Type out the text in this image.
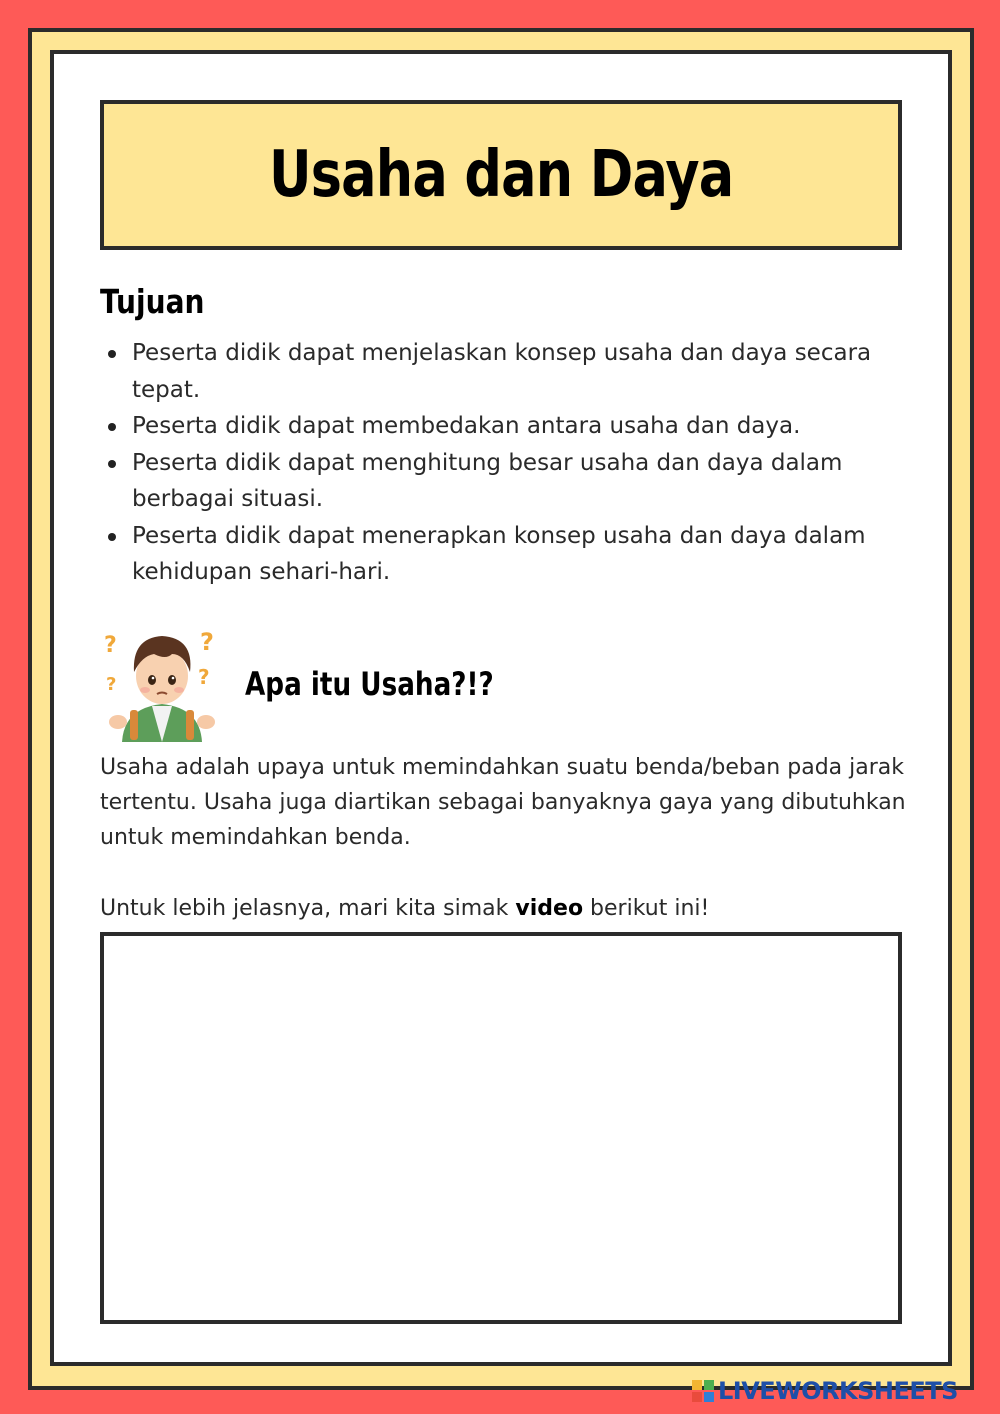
Usaha dan Daya
Tujuan
Peserta didik dapat menjelaskan konsep usaha dan daya secara tepat.
Peserta didik dapat membedakan antara usaha dan daya.
Peserta didik dapat menghitung besar usaha dan daya dalam berbagai situasi.
Peserta didik dapat menerapkan konsep usaha dan daya dalam kehidupan sehari-hari.
?	?
?	? Apa itu Usaha?!?

Usaha adalah upaya untuk memindahkan suatu benda/beban pada jarak tertentu. Usaha juga diartikan sebagai banyaknya gaya yang dibutuhkan untuk memindahkan benda.

Untuk lebih jelasnya, mari kita simak video berikut ini!

LIVEWORKSHEETS
